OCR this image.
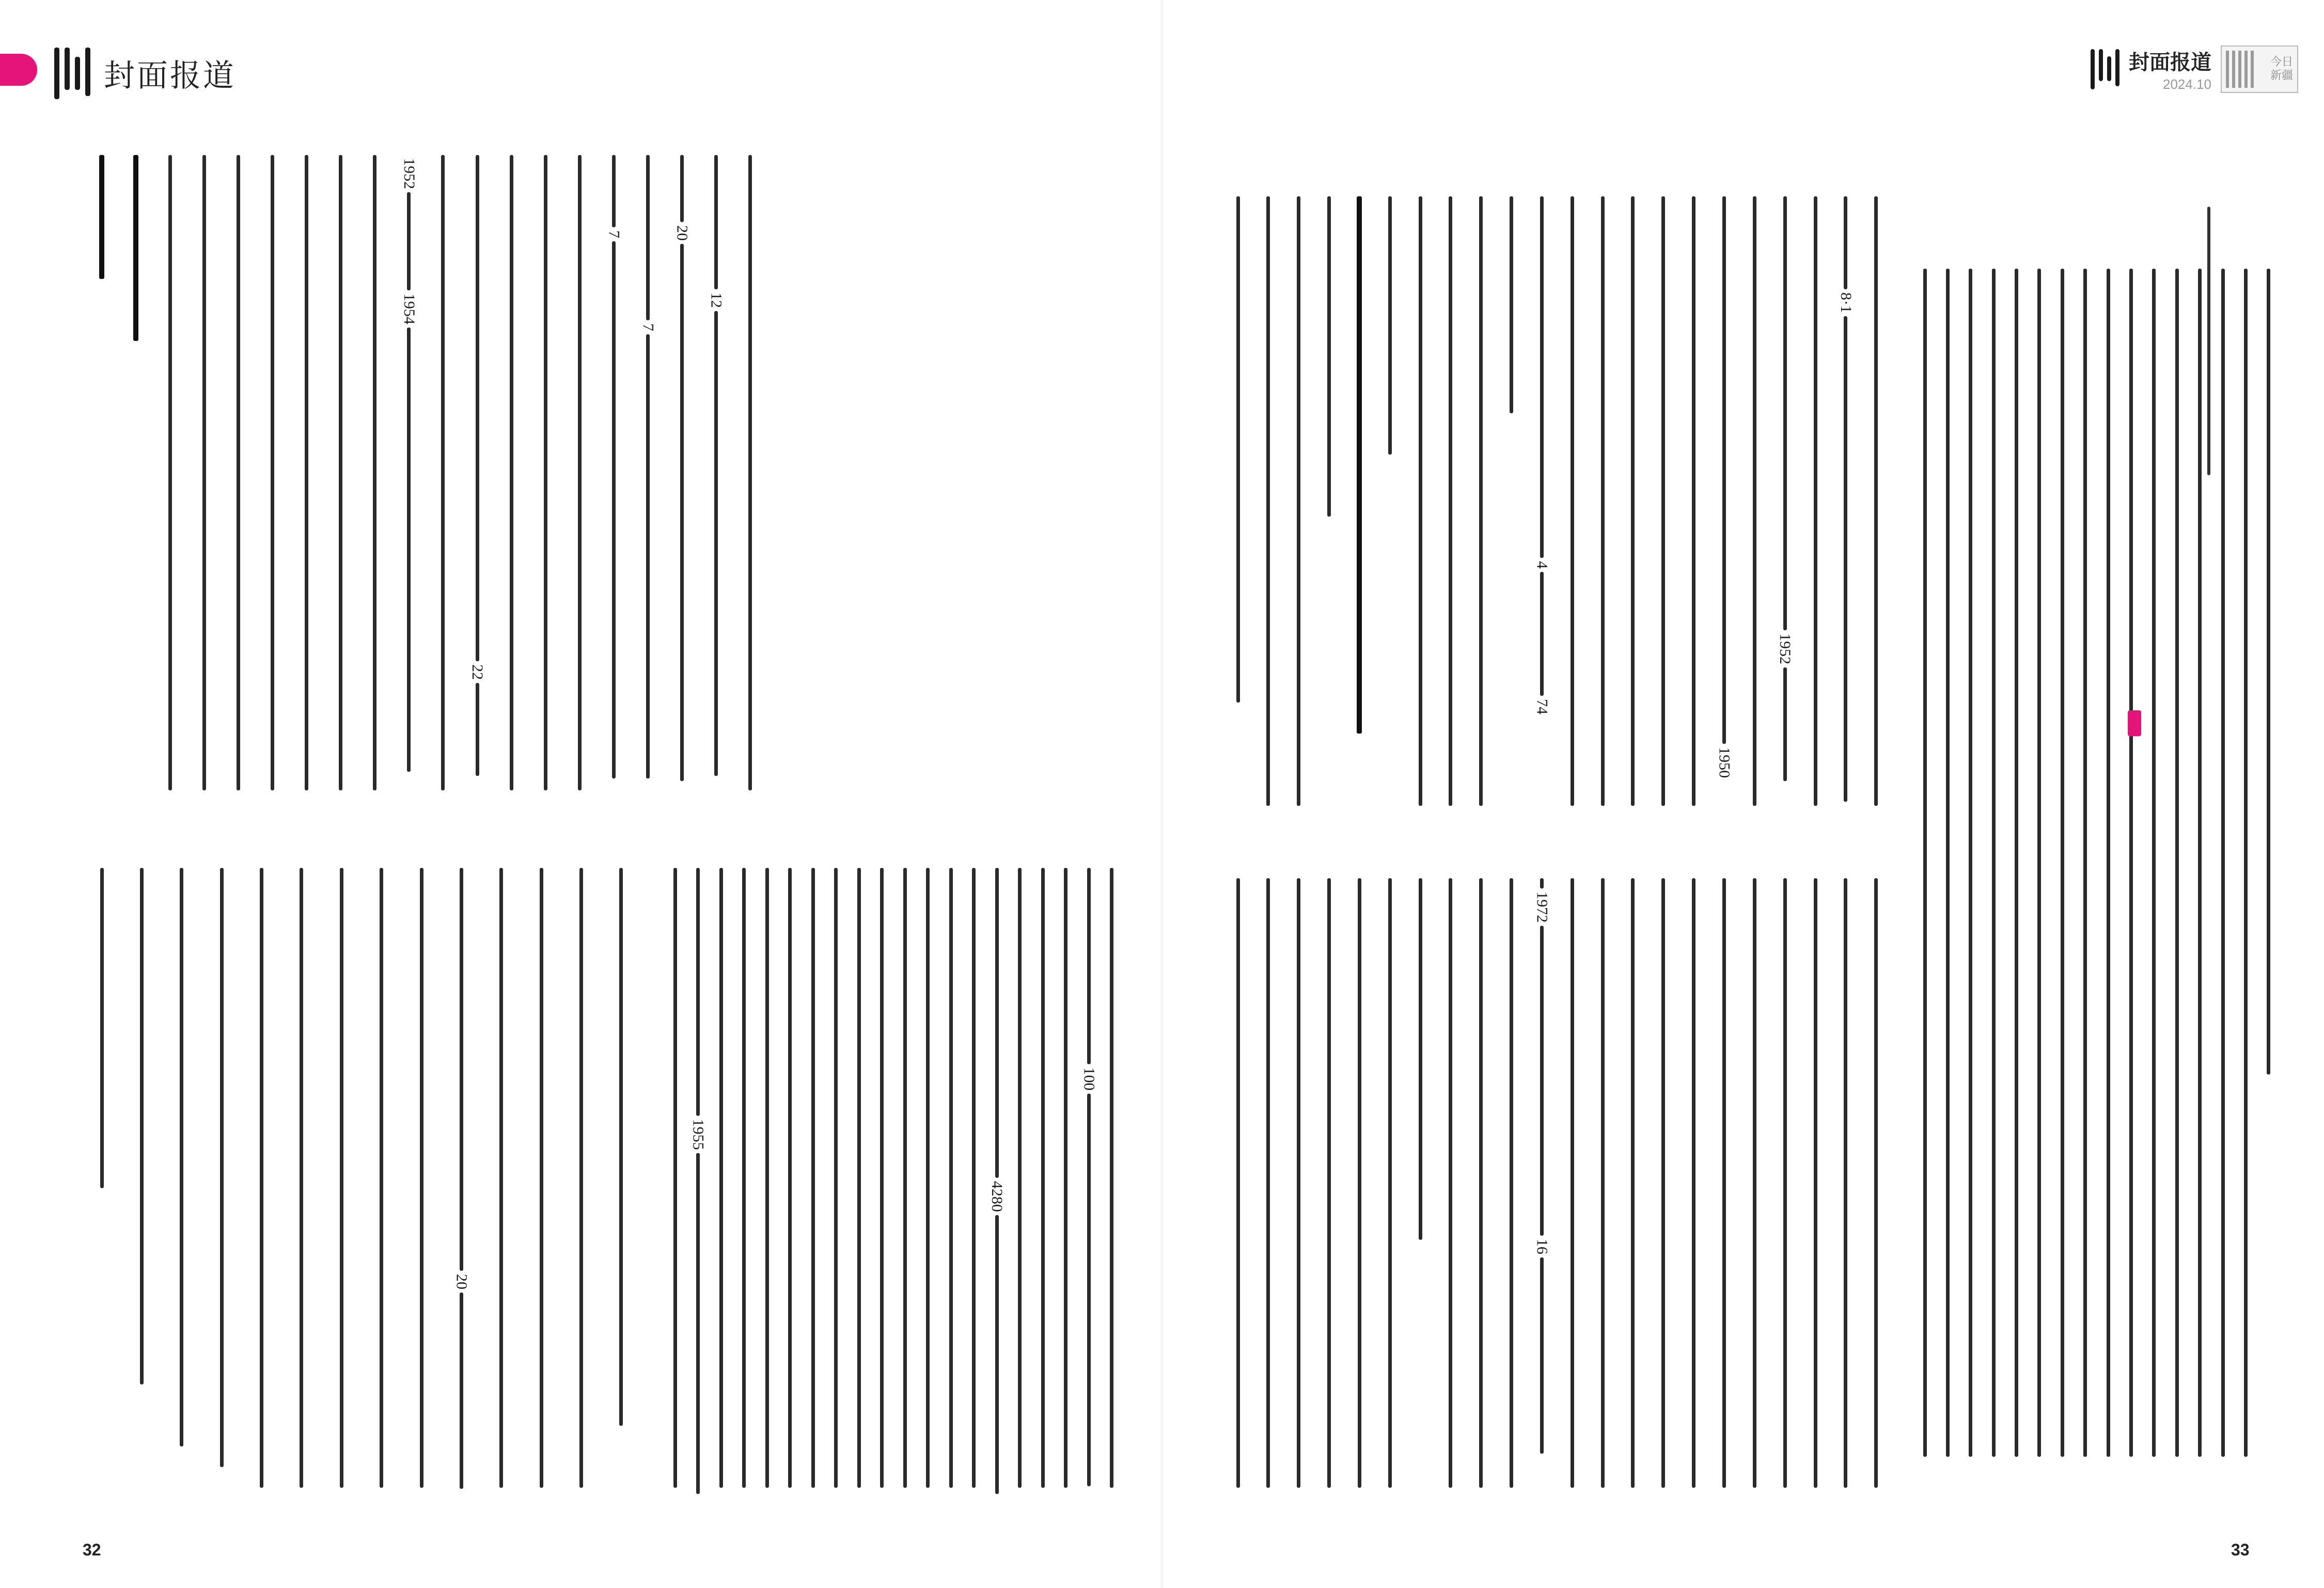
封面报道
20
12
20
7
7
22
1952
1954
100
4280
1955
32
封面报道
2024.10
今日
新疆
8·1
1952
1950
4
74
1972
16
33
